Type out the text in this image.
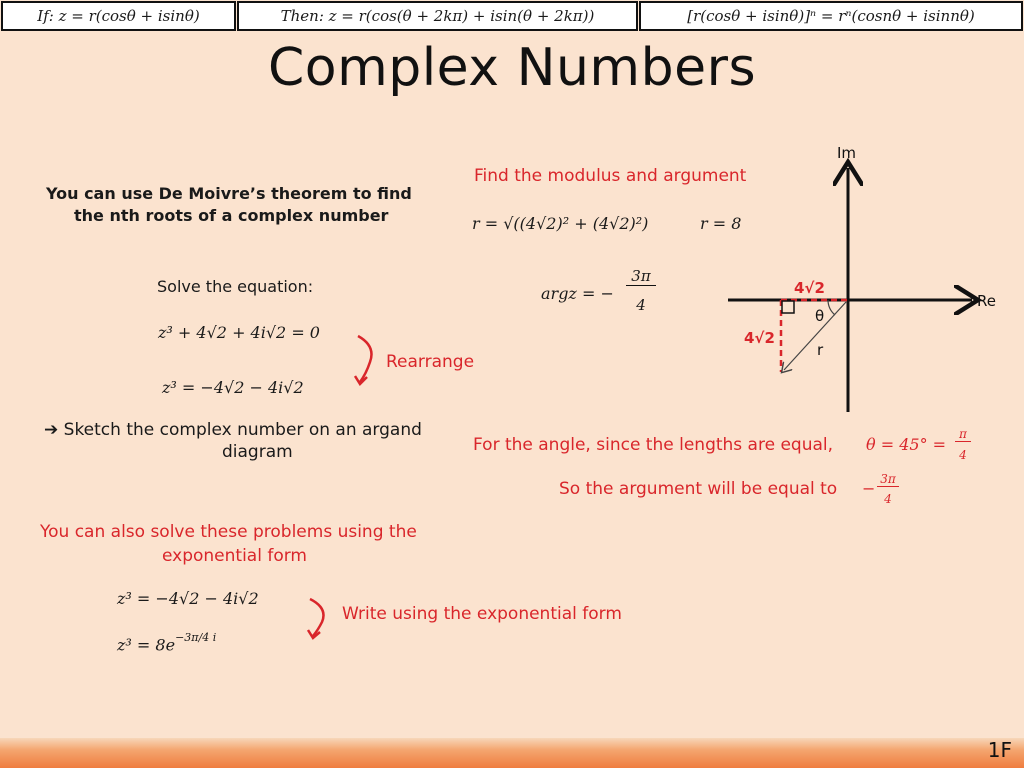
𝐼𝑓: 𝑧 = 𝑟(𝑐𝑜𝑠𝜃 + 𝑖𝑠𝑖𝑛𝜃)	𝑇ℎ𝑒𝑛: 𝑧 = 𝑟(cos(𝜃 + 2𝑘𝜋) + 𝑖𝑠𝑖𝑛(𝜃 + 2𝑘𝜋))	[𝑟(𝑐𝑜𝑠𝜃 + 𝑖𝑠𝑖𝑛𝜃)]ⁿ = 𝑟ⁿ(𝑐𝑜𝑠𝑛𝜃 + 𝑖𝑠𝑖𝑛𝑛𝜃)
Complex Numbers
You can use De Moivre’s theorem to find
the nth roots of a complex number
Solve the equation:
𝑧³ + 4√2 + 4𝑖√2 = 0
Rearrange
𝑧³ = −4√2 − 4𝑖√2
➔ Sketch the complex number on an argand
diagram
You can also solve these problems using the
exponential form
𝑧³ = −4√2 − 4𝑖√2
𝑧³ = 8𝑒$^{-3𝜋/4 𝑖}$
Write using the exponential form
Find the modulus and argument
𝑟 = √((4√2)² + (4√2)²)	𝑟 = 8
𝑎𝑟𝑔𝑧 = −
3𝜋
4
For the angle, since the lengths are equal, 𝜃 = 45° =
𝜋
4
So the argument will be equal to − 3𝜋
4
Im
Re
4√2
4√2
θ
r
1F
